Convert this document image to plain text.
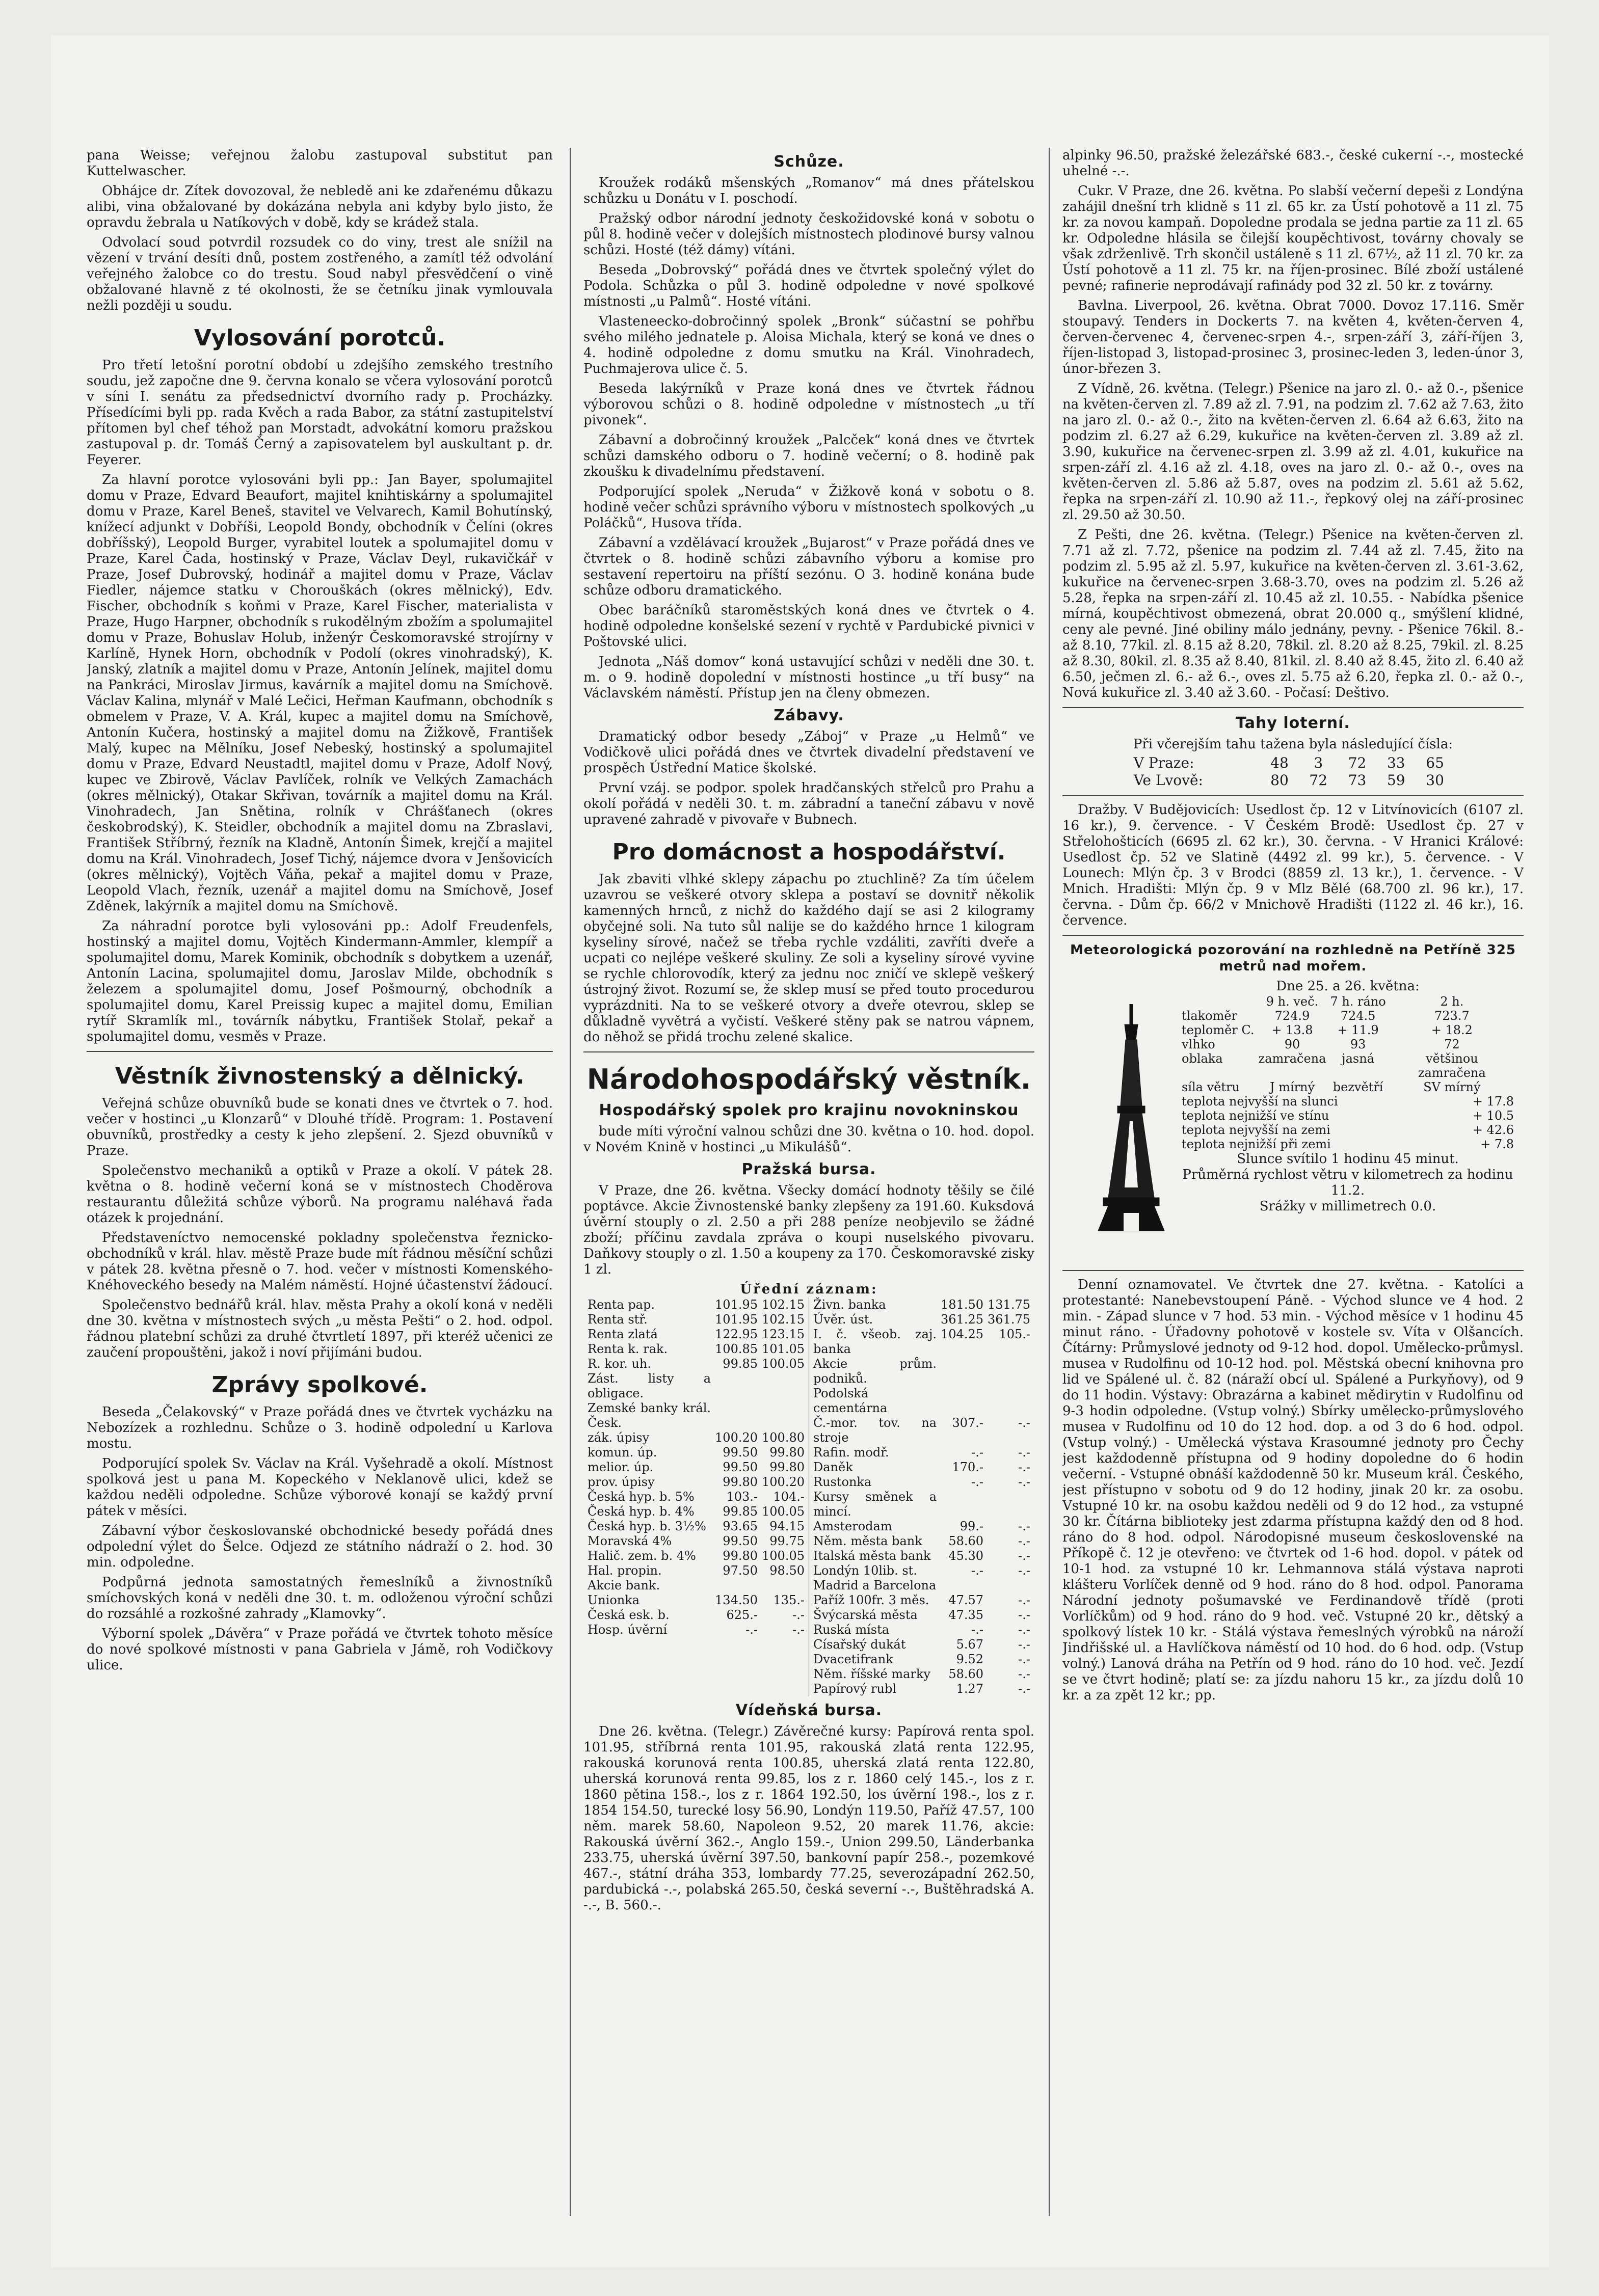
pana Weisse; veřejnou žalobu zastupoval substitut pan Kuttelwascher.

Obhájce dr. Zítek dovozoval, že nebledě ani ke zdařenému důkazu alibi, vina obžalované by dokázána nebyla ani kdyby bylo jisto, že opravdu žebrala u Natíkových v době, kdy se krádež stala.

Odvolací soud potvrdil rozsudek co do viny, trest ale snížil na vězení v trvání desíti dnů, postem zostřeného, a zamítl též odvolání veřejného žalobce co do trestu. Soud nabyl přesvědčení o vině obžalované hlavně z té okolnosti, že se četníku jinak vymlouvala nežli později u soudu.

Vylosování porotců.

Pro třetí letošní porotní období u zdejšího zemského trestního soudu, jež započne dne 9. června konalo se včera vylosování porotců v síni I. senátu za předsednictví dvorního rady p. Procházky. Přísedícími byli pp. rada Kvěch a rada Babor, za státní zastupitelství přítomen byl chef téhož pan Morstadt, advokátní komoru pražskou zastupoval p. dr. Tomáš Černý a zapisovatelem byl auskultant p. dr. Feyerer.

Za hlavní porotce vylosováni byli pp.: Jan Bayer, spolumajitel domu v Praze, Edvard Beaufort, majitel knihtiskárny a spolumajitel domu v Praze, Karel Beneš, stavitel ve Velvarech, Kamil Bohutínský, knížecí adjunkt v Dobříši, Leopold Bondy, obchodník v Čelíni (okres dobříšský), Leopold Burger, vyrabitel loutek a spolumajitel domu v Praze, Karel Čada, hostinský v Praze, Václav Deyl, rukavičkář v Praze, Josef Dubrovský, hodinář a majitel domu v Praze, Václav Fiedler, nájemce statku v Chorouškách (okres mělnický), Edv. Fischer, obchodník s koňmi v Praze, Karel Fischer, materialista v Praze, Hugo Harpner, obchodník s rukodělným zbožím a spolumajitel domu v Praze, Bohuslav Holub, inženýr Českomoravské strojírny v Karlíně, Hynek Horn, obchodník v Podolí (okres vinohradský), K. Janský, zlatník a majitel domu v Praze, Antonín Jelínek, majitel domu na Pankráci, Miroslav Jirmus, kavárník a majitel domu na Smíchově. Václav Kalina, mlynář v Malé Lečici, Heřman Kaufmann, obchodník s obmelem v Praze, V. A. Král, kupec a majitel domu na Smíchově, Antonín Kučera, hostinský a majitel domu na Žižkově, František Malý, kupec na Mělníku, Josef Nebeský, hostinský a spolumajitel domu v Praze, Edvard Neustadtl, majitel domu v Praze, Adolf Nový, kupec ve Zbirově, Václav Pavlíček, rolník ve Velkých Zamachách (okres mělnický), Otakar Skřivan, továrník a majitel domu na Král. Vinohradech, Jan Snětina, rolník v Chrášťanech (okres českobrodský), K. Steidler, obchodník a majitel domu na Zbraslavi, František Stříbrný, řezník na Kladně, Antonín Šimek, krejčí a majitel domu na Král. Vinohradech, Josef Tichý, nájemce dvora v Jenšovicích (okres mělnický), Vojtěch Váňa, pekař a majitel domu v Praze, Leopold Vlach, řezník, uzenář a majitel domu na Smíchově, Josef Zděnek, lakýrník a majitel domu na Smíchově.

Za náhradní porotce byli vylosováni pp.: Adolf Freudenfels, hostinský a majitel domu, Vojtěch Kindermann-Ammler, klempíř a spolumajitel domu, Marek Kominik, obchodník s dobytkem a uzenář, Antonín Lacina, spolumajitel domu, Jaroslav Milde, obchodník s železem a spolumajitel domu, Josef Pošmourný, obchodník a spolumajitel domu, Karel Preissig kupec a majitel domu, Emilian rytíř Skramlík ml., továrník nábytku, František Stolař, pekař a spolumajitel domu, vesměs v Praze.

Věstník živnostenský a dělnický.

Veřejná schůze obuvníků bude se konati dnes ve čtvrtek o 7. hod. večer v hostinci „u Klonzarů“ v Dlouhé třídě. Program: 1. Postavení obuvníků, prostředky a cesty k jeho zlepšení. 2. Sjezd obuvníků v Praze.

Společenstvo mechaniků a optiků v Praze a okolí. V pátek 28. května o 8. hodině večerní koná se v místnostech Choděrova restaurantu důležitá schůze výborů. Na programu naléhavá řada otázek k projednání.

Představeníctvo nemocenské pokladny společenstva řeznicko-obchodníků v král. hlav. městě Praze bude mít řádnou měsíční schůzi v pátek 28. května přesně o 7. hod. večer v místnosti Komenského-Knéhoveckého besedy na Malém náměstí. Hojné účastenství žádoucí.

Společenstvo bednářů král. hlav. města Prahy a okolí koná v neděli dne 30. května v místnostech svých „u města Pešti“ o 2. hod. odpol. řádnou platební schůzi za druhé čtvrtletí 1897, při kteréž učenici ze zaučení propouštěni, jakož i noví přijímáni budou.

Zprávy spolkové.

Beseda „Čelakovský“ v Praze pořádá dnes ve čtvrtek vycházku na Nebozízek a rozhlednu. Schůze o 3. hodině odpolední u Karlova mostu.

Podporující spolek Sv. Václav na Král. Vyšehradě a okolí. Místnost spolková jest u pana M. Kopeckého v Neklanově ulici, kdež se každou neděli odpoledne. Schůze výborové konají se každý první pátek v měsíci.

Zábavní výbor českoslovanské obchodnické besedy pořádá dnes odpolední výlet do Šelce. Odjezd ze státního nádraží o 2. hod. 30 min. odpoledne.

Podpůrná jednota samostatných řemeslníků a živnostníků smíchovských koná v neděli dne 30. t. m. odloženou výroční schůzi do rozsáhlé a rozkošné zahrady „Klamovky“.

Výborní spolek „Dávěra“ v Praze pořádá ve čtvrtek tohoto měsíce do nové spolkové místnosti v pana Gabriela v Jámě, roh Vodičkovy ulice.

Schůze.

Kroužek rodáků mšenských „Romanov“ má dnes přátelskou schůzku u Donátu v I. poschodí.

Pražský odbor národní jednoty českožidovské koná v sobotu o půl 8. hodině večer v dolejších místnostech plodinové bursy valnou schůzi. Hosté (též dámy) vítáni.

Beseda „Dobrovský“ pořádá dnes ve čtvrtek společný výlet do Podola. Schůzka o půl 3. hodině odpoledne v nové spolkové místnosti „u Palmů“. Hosté vítáni.

Vlasteneecko-dobročinný spolek „Bronk“ súčastní se pohřbu svého milého jednatele p. Aloisa Michala, který se koná ve dnes o 4. hodině odpoledne z domu smutku na Král. Vinohradech, Puchmajerova ulice č. 5.

Beseda lakýrníků v Praze koná dnes ve čtvrtek řádnou výborovou schůzi o 8. hodině odpoledne v místnostech „u tří pivonek“.

Zábavní a dobročinný kroužek „Palcček“ koná dnes ve čtvrtek schůzi damského odboru o 7. hodině večerní; o 8. hodině pak zkoušku k divadelnímu představení.

Podporující spolek „Neruda“ v Žižkově koná v sobotu o 8. hodině večer schůzi správního výboru v místnostech spolkových „u Poláčků“, Husova třída.

Zábavní a vzdělávací kroužek „Bujarost“ v Praze pořádá dnes ve čtvrtek o 8. hodině schůzi zábavního výboru a komise pro sestavení repertoiru na příští sezónu. O 3. hodině konána bude schůze odboru dramatického.

Obec baráčníků staroměstských koná dnes ve čtvrtek o 4. hodině odpoledne konšelské sezení v rychtě v Pardubické pivnici v Poštovské ulici.

Jednota „Náš domov“ koná ustavující schůzi v neděli dne 30. t. m. o 9. hodině dopolední v místnosti hostince „u tří busy“ na Václavském náměstí. Přístup jen na členy obmezen.

Zábavy.

Dramatický odbor besedy „Záboj“ v Praze „u Helmů“ ve Vodičkově ulici pořádá dnes ve čtvrtek divadelní představení ve prospěch Ústřední Matice školské.

První vzáj. se podpor. spolek hradčanských střelců pro Prahu a okolí pořádá v neděli 30. t. m. zábradní a taneční zábavu v nově upravené zahradě v pivovaře v Bubnech.

Pro domácnost a hospodářství.

Jak zbaviti vlhké sklepy zápachu po ztuchlině? Za tím účelem uzavrou se veškeré otvory sklepa a postaví se dovnitř několik kamenných hrnců, z nichž do každého dají se asi 2 kilogramy obyčejné soli. Na tuto sůl nalije se do každého hrnce 1 kilogram kyseliny sírové, načež se třeba rychle vzdáliti, zavříti dveře a ucpati co nejlépe veškeré skuliny. Ze soli a kyseliny sírové vyvine se rychle chlorovodík, který za jednu noc zničí ve sklepě veškerý ústrojný život. Rozumí se, že sklep musí se před touto procedurou vyprázdniti. Na to se veškeré otvory a dveře otevrou, sklep se důkladně vyvětrá a vyčistí. Veškeré stěny pak se natrou vápnem, do něhož se přidá trochu zelené skalice.

Národohospodářský věstník.
Hospodářský spolek pro krajinu novokninskou

bude míti výroční valnou schůzi dne 30. května o 10. hod. dopol. v Novém Knině v hostinci „u Mikulášů“.

Pražská bursa.

V Praze, dne 26. května. Všecky domácí hodnoty těšily se čilé poptávce. Akcie Živnostenské banky zlepšeny za 191.60. Kuksdová úvěrní stouply o zl. 2.50 a při 288 peníze neobjevilo se žádné zboží; příčinu zavdala zpráva o koupi nuselského pivovaru. Daňkovy stouply o zl. 1.50 a koupeny za 170. Českomoravské zisky 1 zl.

Úřední záznam:
Renta pap.	101.95	102.15
Renta stř.	101.95	102.15
Renta zlatá	122.95	123.15
Renta k. rak.	100.85	101.05
R. kor. uh.	99.85	100.05
Zást. listy a obligace.		
Zemské banky král. Česk.		
zák. úpisy	100.20	100.80
komun. úp.	99.50	99.80
melior. úp.	99.50	99.80
prov. úpisy	99.80	100.20
Česká hyp. b. 5%	103.-	104.-
Česká hyp. b. 4%	99.85	100.05
Česká hyp. b. 3½%	93.65	94.15
Moravská 4%	99.50	99.75
Halič. zem. b. 4%	99.80	100.05
Hal. propin.	97.50	98.50
Akcie bank.		
Unionka	134.50	135.-
Česká esk. b.	625.-	-.-
Hosp. úvěrní	-.-	-.-

Živn. banka	181.50	131.75
Úvěr. úst.	361.25	361.75
I. č. všeob. zaj. banka	104.25	105.-
Akcie prům. podniků.		
Podolská cementárna		
Č.-mor. tov. na stroje	307.-	-.-
Rafin. modř.	-.-	-.-
Daněk	170.-	-.-
Rustonka	-.-	-.-
Kursy směnek a mincí.		
Amsterodam	99.-	-.-
Něm. města bank	58.60	-.-
Italská města bank	45.30	-.-
Londýn 10lib. st.	-.-	-.-
Madrid a Barcelona		
Paříž 100fr. 3 měs.	47.57	-.-
Švýcarská města	47.35	-.-
Ruská místa	-.-	-.-
Císařský dukát	5.67	-.-
Dvacetifrank	9.52	-.-
Něm. říšské marky	58.60	-.-
Papírový rubl	1.27	-.-
Vídeňská bursa.

Dne 26. května. (Telegr.) Závěrečné kursy: Papírová renta spol. 101.95, stříbrná renta 101.95, rakouská zlatá renta 122.95, rakouská korunová renta 100.85, uherská zlatá renta 122.80, uherská korunová renta 99.85, los z r. 1860 celý 145.-, los z r. 1860 pětina 158.-, los z r. 1864 192.50, los úvěrní 198.-, los z r. 1854 154.50, turecké losy 56.90, Londýn 119.50, Paříž 47.57, 100 něm. marek 58.60, Napoleon 9.52, 20 marek 11.76, akcie: Rakouská úvěrní 362.-, Anglo 159.-, Union 299.50, Länderbanka 233.75, uherská úvěrní 397.50, bankovní papír 258.-, pozemkové 467.-, státní dráha 353, lombardy 77.25, severozápadní 262.50, pardubická -.-, polabská 265.50, česká severní -.-, Buštěhradská A. -.-, B. 560.-.

alpinky 96.50, pražské železářské 683.-, české cukerní -.-, mostecké uhelné -.-.

Cukr. V Praze, dne 26. května. Po slabší večerní depeši z Londýna zahájil dnešní trh klidně s 11 zl. 65 kr. za Ústí pohotově a 11 zl. 75 kr. za novou kampaň. Dopoledne prodala se jedna partie za 11 zl. 65 kr. Odpoledne hlásila se čilejší koupěchtivost, továrny chovaly se však zdrženlivě. Trh skončil ustáleně s 11 zl. 67½, až 11 zl. 70 kr. za Ústí pohotově a 11 zl. 75 kr. na říjen-prosinec. Bílé zboží ustálené pevné; rafinerie neprodávají rafinády pod 32 zl. 50 kr. z továrny.

Bavlna. Liverpool, 26. května. Obrat 7000. Dovoz 17.116. Směr stoupavý. Tenders in Dockerts 7. na květen 4, květen-červen 4, červen-červenec 4, červenec-srpen 4.-, srpen-září 3, září-říjen 3, říjen-listopad 3, listopad-prosinec 3, prosinec-leden 3, leden-únor 3, únor-březen 3.

Z Vídně, 26. května. (Telegr.) Pšenice na jaro zl. 0.- až 0.-, pšenice na květen-červen zl. 7.89 až zl. 7.91, na podzim zl. 7.62 až 7.63, žito na jaro zl. 0.- až 0.-, žito na květen-červen zl. 6.64 až 6.63, žito na podzim zl. 6.27 až 6.29, kukuřice na květen-červen zl. 3.89 až zl. 3.90, kukuřice na červenec-srpen zl. 3.99 až zl. 4.01, kukuřice na srpen-září zl. 4.16 až zl. 4.18, oves na jaro zl. 0.- až 0.-, oves na květen-červen zl. 5.86 až 5.87, oves na podzim zl. 5.61 až 5.62, řepka na srpen-září zl. 10.90 až 11.-, řepkový olej na září-prosinec zl. 29.50 až 30.50.

Z Pešti, dne 26. května. (Telegr.) Pšenice na květen-červen zl. 7.71 až zl. 7.72, pšenice na podzim zl. 7.44 až zl. 7.45, žito na podzim zl. 5.95 až zl. 5.97, kukuřice na květen-červen zl. 3.61-3.62, kukuřice na červenec-srpen 3.68-3.70, oves na podzim zl. 5.26 až 5.28, řepka na srpen-září zl. 10.45 až zl. 10.55. - Nabídka pšenice mírná, koupěchtivost obmezená, obrat 20.000 q., smýšlení klidné, ceny ale pevné. Jiné obiliny málo jednány, pevny. - Pšenice 76kil. 8.- až 8.10, 77kil. zl. 8.15 až 8.20, 78kil. zl. 8.20 až 8.25, 79kil. zl. 8.25 až 8.30, 80kil. zl. 8.35 až 8.40, 81kil. zl. 8.40 až 8.45, žito zl. 6.40 až 6.50, ječmen zl. 6.- až 6.-, oves zl. 5.75 až 6.20, řepka zl. 0.- až 0.-, Nová kukuřice zl. 3.40 až 3.60. - Počasí: Deštivo.

Tahy loterní.
Při včerejším tahu tažena byla následující čísla:
V Praze:	48	3	72	33	65
Ve Lvově:	80	72	73	59	30

Dražby. V Budějovicích: Usedlost čp. 12 v Litvínovicích (6107 zl. 16 kr.), 9. července. - V Českém Brodě: Usedlost čp. 27 v Střelohošticích (6695 zl. 62 kr.), 30. června. - V Hranici Králové: Usedlost čp. 52 ve Slatině (4492 zl. 99 kr.), 5. července. - V Lounech: Mlýn čp. 3 v Brodci (8859 zl. 13 kr.), 1. července. - V Mnich. Hradišti: Mlýn čp. 9 v Mlz Bělé (68.700 zl. 96 kr.), 17. června. - Dům čp. 66/2 v Mnichově Hradišti (1122 zl. 46 kr.), 16. července.

Meteorologická pozorování na rozhledně na Petříně 325 metrů nad mořem.
Dne 25. a 26. května:
	9 h. več.	7 h. ráno	2 h.
tlakoměr	724.9	724.5	723.7
teploměr C.	+ 13.8	+ 11.9	+ 18.2
vlhko	90	93	72
oblaka	zamračena	jasná	většinou zamračena
síla větru	J mírný	bezvětří	SV mírný
teplota nejvyšší na slunci	+ 17.8
teplota nejnižší ve stínu	+ 10.5
teplota nejvyšší na zemi	+ 42.6
teplota nejnižší při zemi	+ 7.8
Slunce svítilo 1 hodinu 45 minut.
Průměrná rychlost větru v kilometrech za hodinu 11.2.
Srážky v millimetrech 0.0.

Denní oznamovatel. Ve čtvrtek dne 27. května. - Katolíci a protestanté: Nanebevstoupení Páně. - Východ slunce ve 4 hod. 2 min. - Západ slunce v 7 hod. 53 min. - Východ měsíce v 1 hodinu 45 minut ráno. - Úřadovny pohotově v kostele sv. Víta v Olšancích. Čítárny: Průmyslové jednoty od 9-12 hod. dopol. Umělecko-průmysl. musea v Rudolfinu od 10-12 hod. pol. Městská obecní knihovna pro lid ve Spálené ul. č. 82 (náraží obcí ul. Spálené a Purkyňovy), od 9 do 11 hodin. Výstavy: Obrazárna a kabinet mědirytin v Rudolfinu od 9-3 hodin odpoledne. (Vstup volný.) Sbírky umělecko-průmyslového musea v Rudolfinu od 10 do 12 hod. dop. a od 3 do 6 hod. odpol. (Vstup volný.) - Umělecká výstava Krasoumné jednoty pro Čechy jest každodenně přístupna od 9 hodiny dopoledne do 6 hodin večerní. - Vstupné obnáší každodenně 50 kr. Museum král. Českého, jest přístupno v sobotu od 9 do 12 hodiny, jinak 20 kr. za osobu. Vstupné 10 kr. na osobu každou neděli od 9 do 12 hod., za vstupné 30 kr. Čítárna biblioteky jest zdarma přístupna každý den od 8 hod. ráno do 8 hod. odpol. Národopisné museum československé na Příkopě č. 12 je otevřeno: ve čtvrtek od 1-6 hod. dopol. v pátek od 10-1 hod. za vstupné 10 kr. Lehmannova stálá výstava naproti klášteru Vorlíček denně od 9 hod. ráno do 8 hod. odpol. Panorama Národní jednoty pošumavské ve Ferdinandově třídě (proti Vorlíčkům) od 9 hod. ráno do 9 hod. več. Vstupné 20 kr., dětský a spolkový lístek 10 kr. - Stálá výstava řemeslných výrobků na nároží Jindřišské ul. a Havlíčkova náměstí od 10 hod. do 6 hod. odp. (Vstup volný.) Lanová dráha na Petřín od 9 hod. ráno do 10 hod. več. Jezdí se ve čtvrt hodině; platí se: za jízdu nahoru 15 kr., za jízdu dolů 10 kr. a za zpět 12 kr.; pp.
